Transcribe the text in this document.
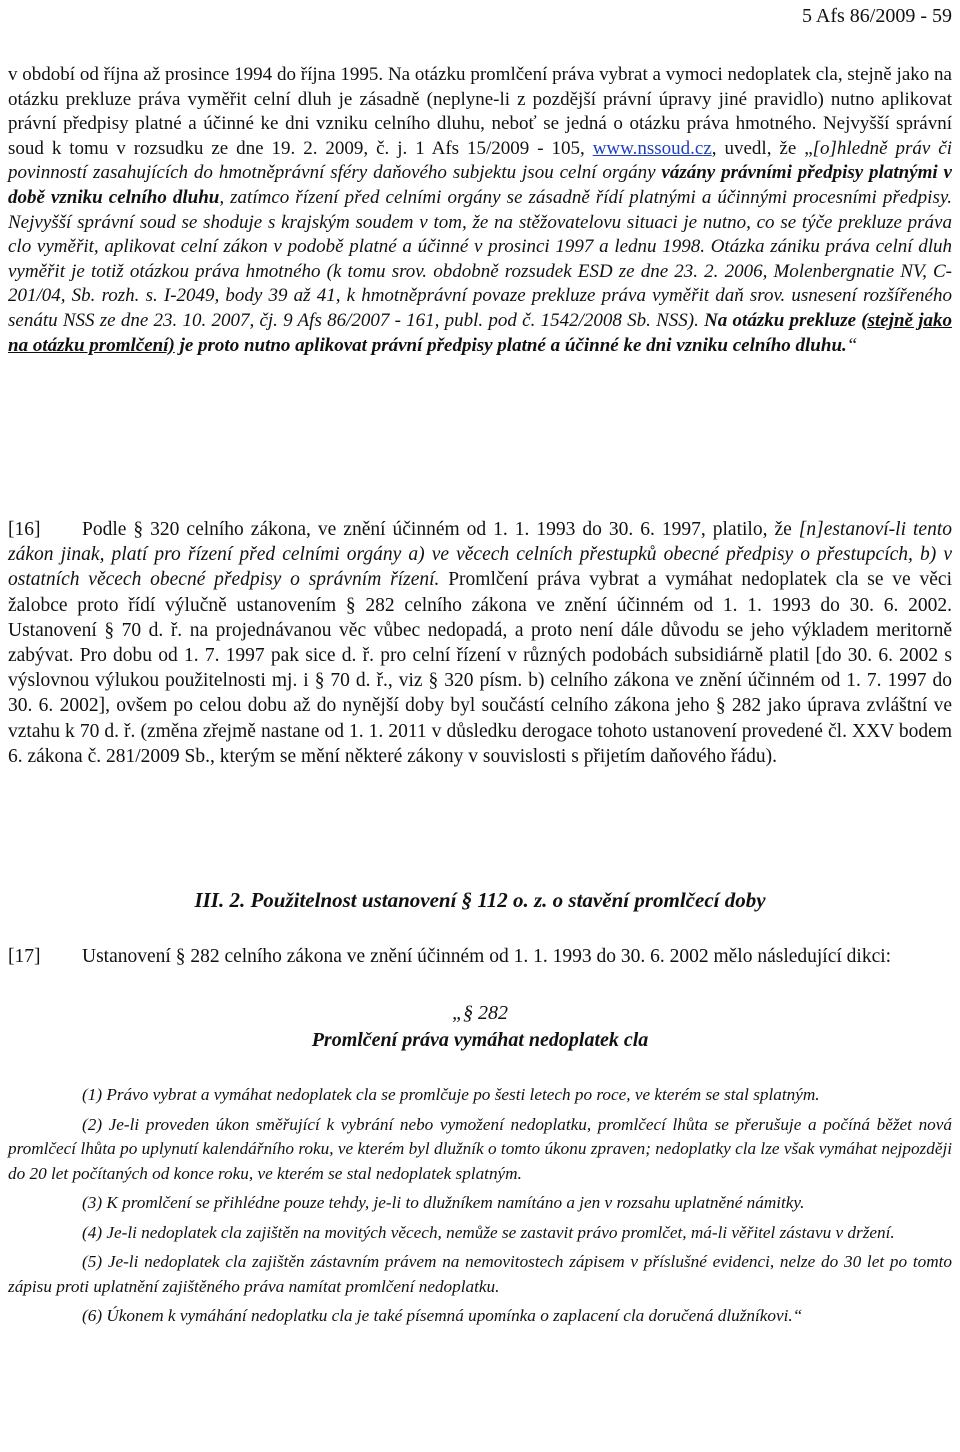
5 Afs 86/2009 - 59
v období od října až prosince 1994 do října 1995. Na otázku promlčení práva vybrat a vymoci nedoplatek cla, stejně jako na otázku prekluze práva vyměřit celní dluh je zásadně (neplyne-li z pozdější právní úpravy jiné pravidlo) nutno aplikovat právní předpisy platné a účinné ke dni vzniku celního dluhu, neboť se jedná o otázku práva hmotného. Nejvyšší správní soud k tomu v rozsudku ze dne 19. 2. 2009, č. j. 1 Afs 15/2009 - 105, www.nssoud.cz, uvedl, že „[o]hledně práv či povinností zasahujících do hmotněprávní sféry daňového subjektu jsou celní orgány vázány právními předpisy platnými v době vzniku celního dluhu, zatímco řízení před celními orgány se zásadně řídí platnými a účinnými procesními předpisy. Nejvyšší správní soud se shoduje s krajským soudem v tom, že na stěžovatelovu situaci je nutno, co se týče prekluze práva clo vyměřit, aplikovat celní zákon v podobě platné a účinné v prosinci 1997 a lednu 1998. Otázka zániku práva celní dluh vyměřit je totiž otázkou práva hmotného (k tomu srov. obdobně rozsudek ESD ze dne 23. 2. 2006, Molenbergnatie NV, C-201/04, Sb. rozh. s. I-2049, body 39 až 41, k hmotněprávní povaze prekluze práva vyměřit daň srov. usnesení rozšířeného senátu NSS ze dne 23. 10. 2007, čj. 9 Afs 86/2007 - 161, publ. pod č. 1542/2008 Sb. NSS). Na otázku prekluze (stejně jako na otázku promlčení) je proto nutno aplikovat právní předpisy platné a účinné ke dni vzniku celního dluhu.“
[16] Podle § 320 celního zákona, ve znění účinném od 1. 1. 1993 do 30. 6. 1997, platilo, že [n]estanoví-li tento zákon jinak, platí pro řízení před celními orgány a) ve věcech celních přestupků obecné předpisy o přestupcích, b) v ostatních věcech obecné předpisy o správním řízení. Promlčení práva vybrat a vymáhat nedoplatek cla se ve věci žalobce proto řídí výlučně ustanovením § 282 celního zákona ve znění účinném od 1. 1. 1993 do 30. 6. 2002. Ustanovení § 70 d. ř. na projednávanou věc vůbec nedopadá, a proto není dále důvodu se jeho výkladem meritorně zabývat. Pro dobu od 1. 7. 1997 pak sice d. ř. pro celní řízení v různých podobách subsidiárně platil [do 30. 6. 2002 s výslovnou výlukou použitelnosti mj. i § 70 d. ř., viz § 320 písm. b) celního zákona ve znění účinném od 1. 7. 1997 do 30. 6. 2002], ovšem po celou dobu až do nynější doby byl součástí celního zákona jeho § 282 jako úprava zvláštní ve vztahu k 70 d. ř. (změna zřejmě nastane od 1. 1. 2011 v důsledku derogace tohoto ustanovení provedené čl. XXV bodem 6. zákona č. 281/2009 Sb., kterým se mění některé zákony v souvislosti s přijetím daňového řádu).
III. 2. Použitelnost ustanovení § 112 o. z. o stavění promlčecí doby
[17] Ustanovení § 282 celního zákona ve znění účinném od 1. 1. 1993 do 30. 6. 2002 mělo následující dikci:
„§ 282
Promlčení práva vymáhat nedoplatek cla

(1) Právo vybrat a vymáhat nedoplatek cla se promlčuje po šesti letech po roce, ve kterém se stal splatným.

(2) Je-li proveden úkon směřující k vybrání nebo vymožení nedoplatku, promlčecí lhůta se přerušuje a počíná běžet nová promlčecí lhůta po uplynutí kalendářního roku, ve kterém byl dlužník o tomto úkonu zpraven; nedoplatky cla lze však vymáhat nejpozději do 20 let počítaných od konce roku, ve kterém se stal nedoplatek splatným.

(3) K promlčení se přihlédne pouze tehdy, je-li to dlužníkem namítáno a jen v rozsahu uplatněné námitky.

(4) Je-li nedoplatek cla zajištěn na movitých věcech, nemůže se zastavit právo promlčet, má-li věřitel zástavu v držení.

(5) Je-li nedoplatek cla zajištěn zástavním právem na nemovitostech zápisem v příslušné evidenci, nelze do 30 let po tomto zápisu proti uplatnění zajištěného práva namítat promlčení nedoplatku.

(6) Úkonem k vymáhání nedoplatku cla je také písemná upomínka o zaplacení cla doručená dlužníkovi.“
